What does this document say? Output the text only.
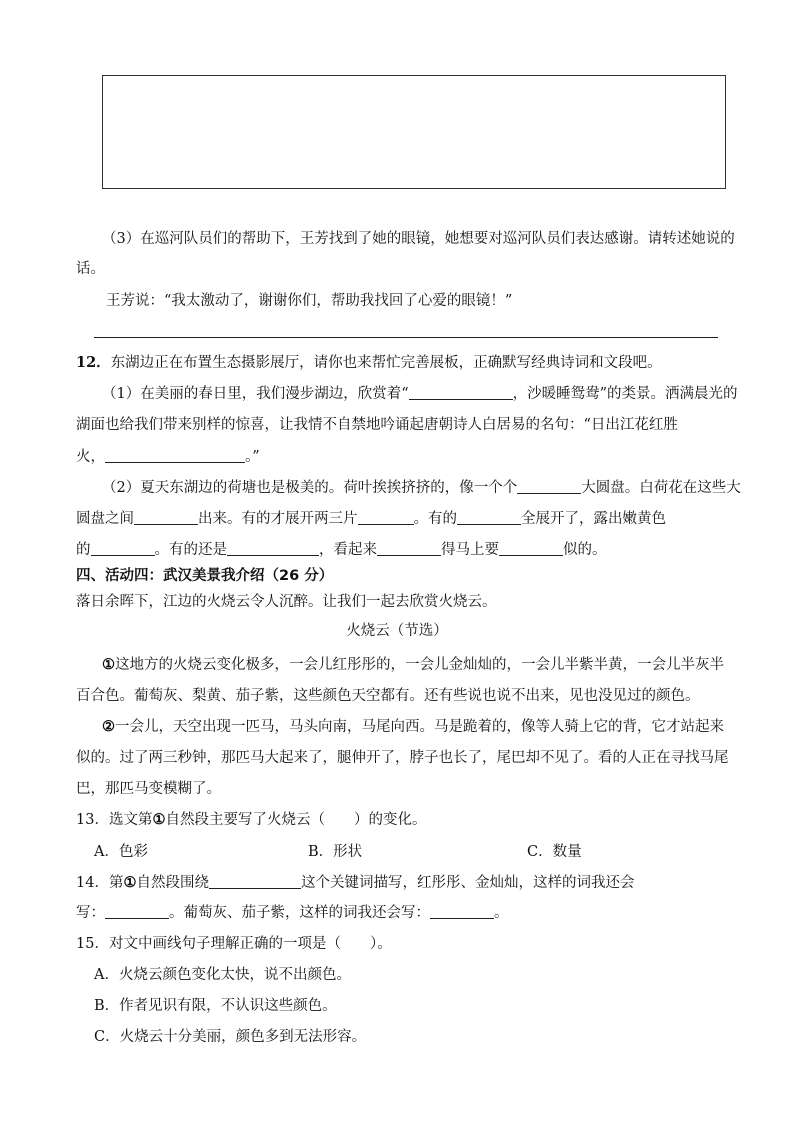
（3）在巡河队员们的帮助下，王芳找到了她的眼镜，她想要对巡河队员们表达感谢。请转述她说的
话。
王芳说：“我太激动了，谢谢你们，帮助我找回了心爱的眼镜！”
12．东湖边正在布置生态摄影展厅，请你也来帮忙完善展板，正确默写经典诗词和文段吧。
（1）在美丽的春日里，我们漫步湖边，欣赏着“	，沙暖睡鸳鸯”的类景。洒满晨光的
湖面也给我们带来别样的惊喜，让我情不自禁地吟诵起唐朝诗人白居易的名句：“日出江花红胜
火，	。”
（2）夏天东湖边的荷塘也是极美的。荷叶挨挨挤挤的，像一个个	大圆盘。白荷花在这些大
圆盘之间	出来。有的才展开两三片	。有的	全展开了，露出嫩黄色
的	。有的还是	，看起来	得马上要	似的。
四、活动四：武汉美景我介绍（26 分）
落日余晖下，江边的火烧云令人沉醉。让我们一起去欣赏火烧云。
火烧云（节选）
①这地方的火烧云变化极多，一会儿红彤彤的，一会儿金灿灿的，一会儿半紫半黄，一会儿半灰半
百合色。葡萄灰、梨黄、茄子紫，这些颜色天空都有。还有些说也说不出来，见也没见过的颜色。
②一会儿，天空出现一匹马，马头向南，马尾向西。马是跪着的，像等人骑上它的背，它才站起来
似的。过了两三秒钟，那匹马大起来了，腿伸开了，脖子也长了，尾巴却不见了。看的人正在寻找马尾
巴，那匹马变模糊了。
13．选文第①自然段主要写了火烧云（　　）的变化。
A．色彩	B．形状	C．数量
14．第①自然段围绕	这个关键词描写，红彤彤、金灿灿，这样的词我还会
写：	。葡萄灰、茄子紫，这样的词我还会写：	。
15．对文中画线句子理解正确的一项是（　　）。
A．火烧云颜色变化太快，说不出颜色。
B．作者见识有限，不认识这些颜色。
C．火烧云十分美丽，颜色多到无法形容。
